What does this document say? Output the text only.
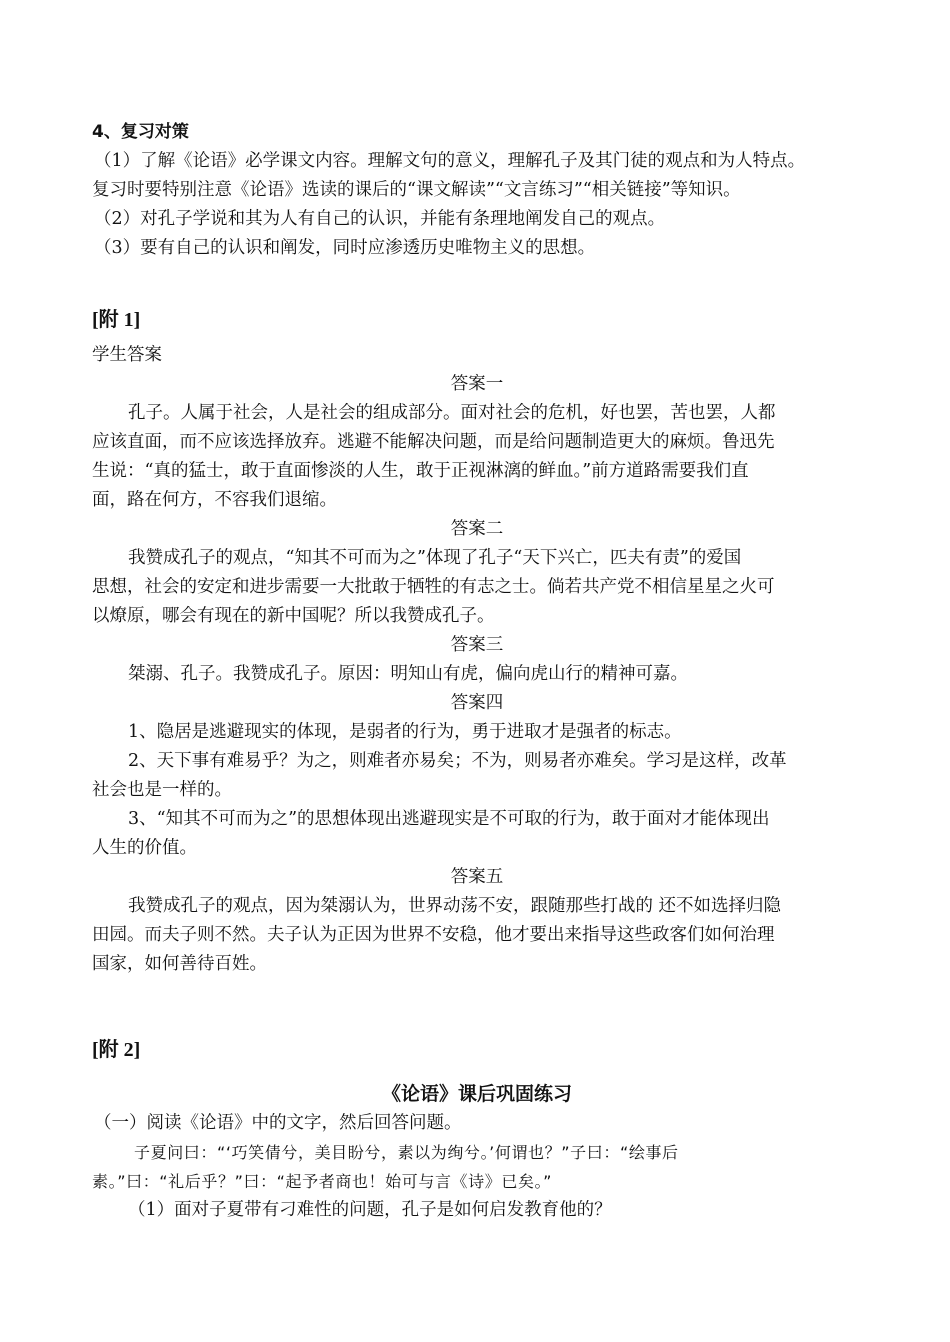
4、复习对策
（1）了解《论语》必学课文内容。理解文句的意义，理解孔子及其门徒的观点和为人特点。
复习时要特别注意《论语》选读的课后的“课文解读”“文言练习”“相关链接”等知识。
（2）对孔子学说和其为人有自己的认识，并能有条理地阐发自己的观点。
（3）要有自己的认识和阐发，同时应渗透历史唯物主义的思想。
[附 1]
学生答案
答案一
孔子。人属于社会，人是社会的组成部分。面对社会的危机，好也罢，苦也罢，人都
应该直面，而不应该选择放弃。逃避不能解决问题，而是给问题制造更大的麻烦。鲁迅先
生说：“真的猛士，敢于直面惨淡的人生，敢于正视淋漓的鲜血。”前方道路需要我们直
面，路在何方，不容我们退缩。
答案二
我赞成孔子的观点，“知其不可而为之”体现了孔子“天下兴亡，匹夫有责”的爱国
思想，社会的安定和进步需要一大批敢于牺牲的有志之士。倘若共产党不相信星星之火可
以燎原，哪会有现在的新中国呢？所以我赞成孔子。
答案三
桀溺、孔子。我赞成孔子。原因：明知山有虎，偏向虎山行的精神可嘉。
答案四
1、隐居是逃避现实的体现，是弱者的行为，勇于进取才是强者的标志。
2、天下事有难易乎？为之，则难者亦易矣；不为，则易者亦难矣。学习是这样，改革
社会也是一样的。
3、“知其不可而为之”的思想体现出逃避现实是不可取的行为，敢于面对才能体现出
人生的价值。
答案五
我赞成孔子的观点，因为桀溺认为，世界动荡不安，跟随那些打战的 还不如选择归隐
田园。而夫子则不然。夫子认为正因为世界不安稳，他才要出来指导这些政客们如何治理
国家，如何善待百姓。
[附 2]
《论语》课后巩固练习
（一）阅读《论语》中的文字，然后回答问题。
子夏问曰：“‘巧笑倩兮，美目盼兮，素以为绚兮。’何谓也？”子曰：“绘事后
素。”曰：“礼后乎？”曰：“起予者商也！始可与言《诗》已矣。”
（1）面对子夏带有刁难性的问题，孔子是如何启发教育他的？
